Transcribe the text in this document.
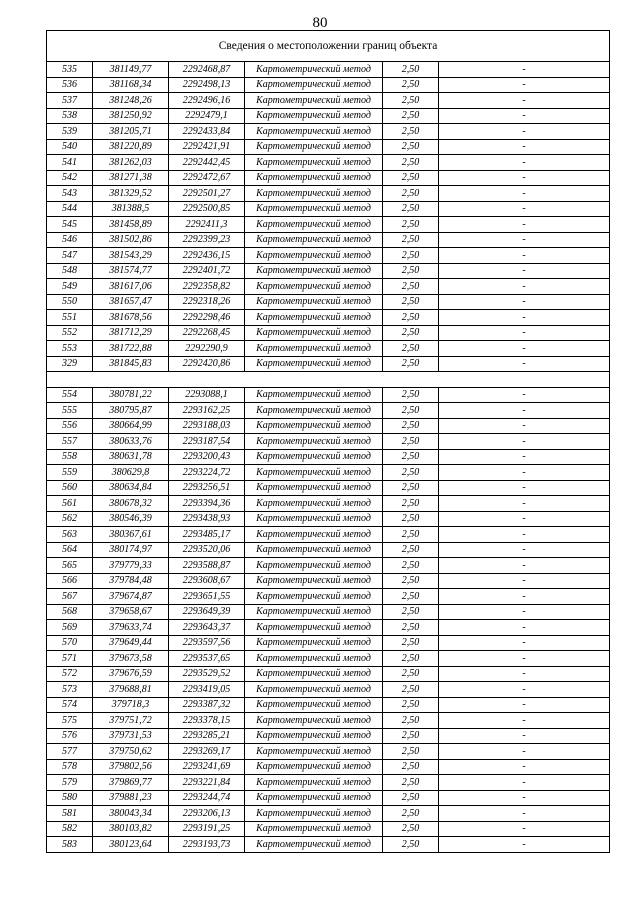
80
Сведения о местоположении границ объекта					
535	381149,77	2292468,87	Картометрический метод	2,50	-
536	381168,34	2292498,13	Картометрический метод	2,50	-
537	381248,26	2292496,16	Картометрический метод	2,50	-
538	381250,92	2292479,1	Картометрический метод	2,50	-
539	381205,71	2292433,84	Картометрический метод	2,50	-
540	381220,89	2292421,91	Картометрический метод	2,50	-
541	381262,03	2292442,45	Картометрический метод	2,50	-
542	381271,38	2292472,67	Картометрический метод	2,50	-
543	381329,52	2292501,27	Картометрический метод	2,50	-
544	381388,5	2292500,85	Картометрический метод	2,50	-
545	381458,89	2292411,3	Картометрический метод	2,50	-
546	381502,86	2292399,23	Картометрический метод	2,50	-
547	381543,29	2292436,15	Картометрический метод	2,50	-
548	381574,77	2292401,72	Картометрический метод	2,50	-
549	381617,06	2292358,82	Картометрический метод	2,50	-
550	381657,47	2292318,26	Картометрический метод	2,50	-
551	381678,56	2292298,46	Картометрический метод	2,50	-
552	381712,29	2292268,45	Картометрический метод	2,50	-
553	381722,88	2292290,9	Картометрический метод	2,50	-
329	381845,83	2292420,86	Картометрический метод	2,50	-

554	380781,22	2293088,1	Картометрический метод	2,50	-
555	380795,87	2293162,25	Картометрический метод	2,50	-
556	380664,99	2293188,03	Картометрический метод	2,50	-
557	380633,76	2293187,54	Картометрический метод	2,50	-
558	380631,78	2293200,43	Картометрический метод	2,50	-
559	380629,8	2293224,72	Картометрический метод	2,50	-
560	380634,84	2293256,51	Картометрический метод	2,50	-
561	380678,32	2293394,36	Картометрический метод	2,50	-
562	380546,39	2293438,93	Картометрический метод	2,50	-
563	380367,61	2293485,17	Картометрический метод	2,50	-
564	380174,97	2293520,06	Картометрический метод	2,50	-
565	379779,33	2293588,87	Картометрический метод	2,50	-
566	379784,48	2293608,67	Картометрический метод	2,50	-
567	379674,87	2293651,55	Картометрический метод	2,50	-
568	379658,67	2293649,39	Картометрический метод	2,50	-
569	379633,74	2293643,37	Картометрический метод	2,50	-
570	379649,44	2293597,56	Картометрический метод	2,50	-
571	379673,58	2293537,65	Картометрический метод	2,50	-
572	379676,59	2293529,52	Картометрический метод	2,50	-
573	379688,81	2293419,05	Картометрический метод	2,50	-
574	379718,3	2293387,32	Картометрический метод	2,50	-
575	379751,72	2293378,15	Картометрический метод	2,50	-
576	379731,53	2293285,21	Картометрический метод	2,50	-
577	379750,62	2293269,17	Картометрический метод	2,50	-
578	379802,56	2293241,69	Картометрический метод	2,50	-
579	379869,77	2293221,84	Картометрический метод	2,50	-
580	379881,23	2293244,74	Картометрический метод	2,50	-
581	380043,34	2293206,13	Картометрический метод	2,50	-
582	380103,82	2293191,25	Картометрический метод	2,50	-
583	380123,64	2293193,73	Картометрический метод	2,50	-
